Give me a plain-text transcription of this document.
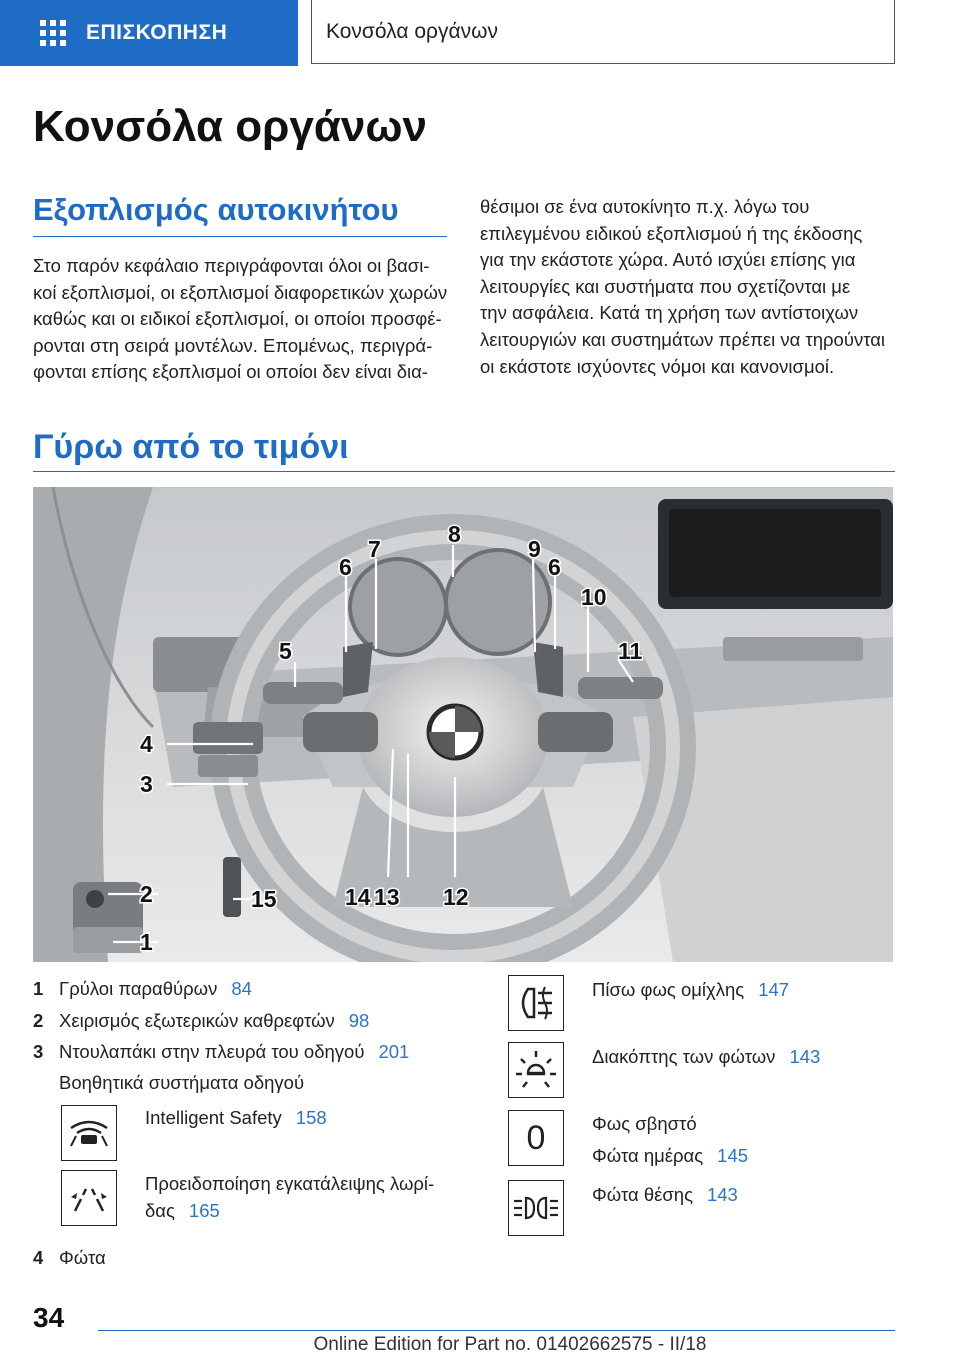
ΕΠΙΣΚΟΠΗΣΗ	Κονσόλα οργάνων
Κονσόλα οργάνων
Εξοπλισμός αυτοκινήτου
Στο παρόν κεφάλαιο περιγράφονται όλοι οι βασι‐
κοί εξοπλισμοί, οι εξοπλισμοί διαφορετικών χωρών
καθώς και οι ειδικοί εξοπλισμοί, οι οποίοι προσφέ‐
ρονται στη σειρά μοντέλων. Επομένως, περιγρά‐
φονται επίσης εξοπλισμοί οι οποίοι δεν είναι δια‐
θέσιμοι σε ένα αυτοκίνητο π.χ. λόγω του
επιλεγμένου ειδικού εξοπλισμού ή της έκδοσης
για την εκάστοτε χώρα. Αυτό ισχύει επίσης για
λειτουργίες και συστήματα που σχετίζονται με
την ασφάλεια. Κατά τη χρήση των αντίστοιχων
λειτουργιών και συστημάτων πρέπει να τηρούνται
οι εκάστοτε ισχύοντες νόμοι και κανονισμοί.
Γύρω από το τιμόνι
8
7
6
9
6
10
11
5
4
3
12
13
14
2
1
15
1 Γρύλοι παραθύρων 84
2 Χειρισμός εξωτερικών καθρεφτών 98
3 Ντουλαπάκι στην πλευρά του οδηγού 201
Βοηθητικά συστήματα οδηγού
Intelligent Safety 158
Προειδοποίηση εγκατάλειψης λωρί‐
δας 165
4 Φώτα
Πίσω φως ομίχλης 147
Διακόπτης των φώτων 143
0	Φως σβηστό
Φώτα ημέρας 145
Φώτα θέσης 143
34
Online Edition for Part no. 01402662575 - II/18
